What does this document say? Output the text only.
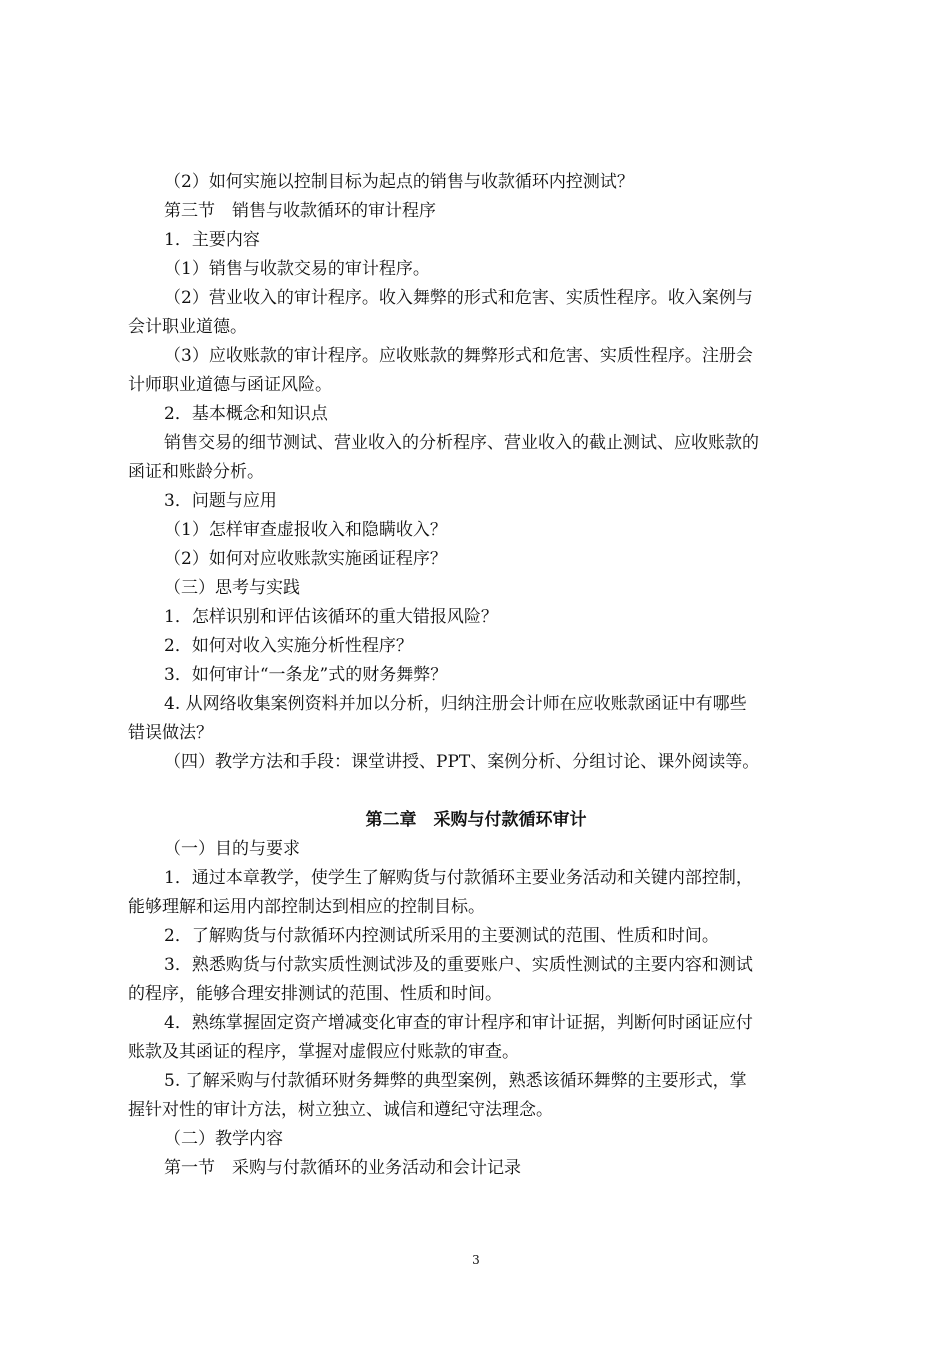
（2）如何实施以控制目标为起点的销售与收款循环内控测试？
第三节　销售与收款循环的审计程序
1．主要内容
（1）销售与收款交易的审计程序。
（2）营业收入的审计程序。收入舞弊的形式和危害、实质性程序。收入案例与
会计职业道德。
（3）应收账款的审计程序。应收账款的舞弊形式和危害、实质性程序。注册会
计师职业道德与函证风险。
2．基本概念和知识点
销售交易的细节测试、营业收入的分析程序、营业收入的截止测试、应收账款的
函证和账龄分析。
3．问题与应用
（1）怎样审查虚报收入和隐瞒收入？
（2）如何对应收账款实施函证程序？
（三）思考与实践
1．怎样识别和评估该循环的重大错报风险？
2．如何对收入实施分析性程序？
3．如何审计“一条龙”式的财务舞弊？
4. 从网络收集案例资料并加以分析，归纳注册会计师在应收账款函证中有哪些
错误做法？
（四）教学方法和手段：课堂讲授、PPT、案例分析、分组讨论、课外阅读等。
第二章　采购与付款循环审计
（一）目的与要求
1．通过本章教学，使学生了解购货与付款循环主要业务活动和关键内部控制，
能够理解和运用内部控制达到相应的控制目标。
2．了解购货与付款循环内控测试所采用的主要测试的范围、性质和时间。
3．熟悉购货与付款实质性测试涉及的重要账户、实质性测试的主要内容和测试
的程序，能够合理安排测试的范围、性质和时间。
4．熟练掌握固定资产增减变化审查的审计程序和审计证据，判断何时函证应付
账款及其函证的程序，掌握对虚假应付账款的审查。
5. 了解采购与付款循环财务舞弊的典型案例，熟悉该循环舞弊的主要形式，掌
握针对性的审计方法，树立独立、诚信和遵纪守法理念。
（二）教学内容
第一节　采购与付款循环的业务活动和会计记录
3
